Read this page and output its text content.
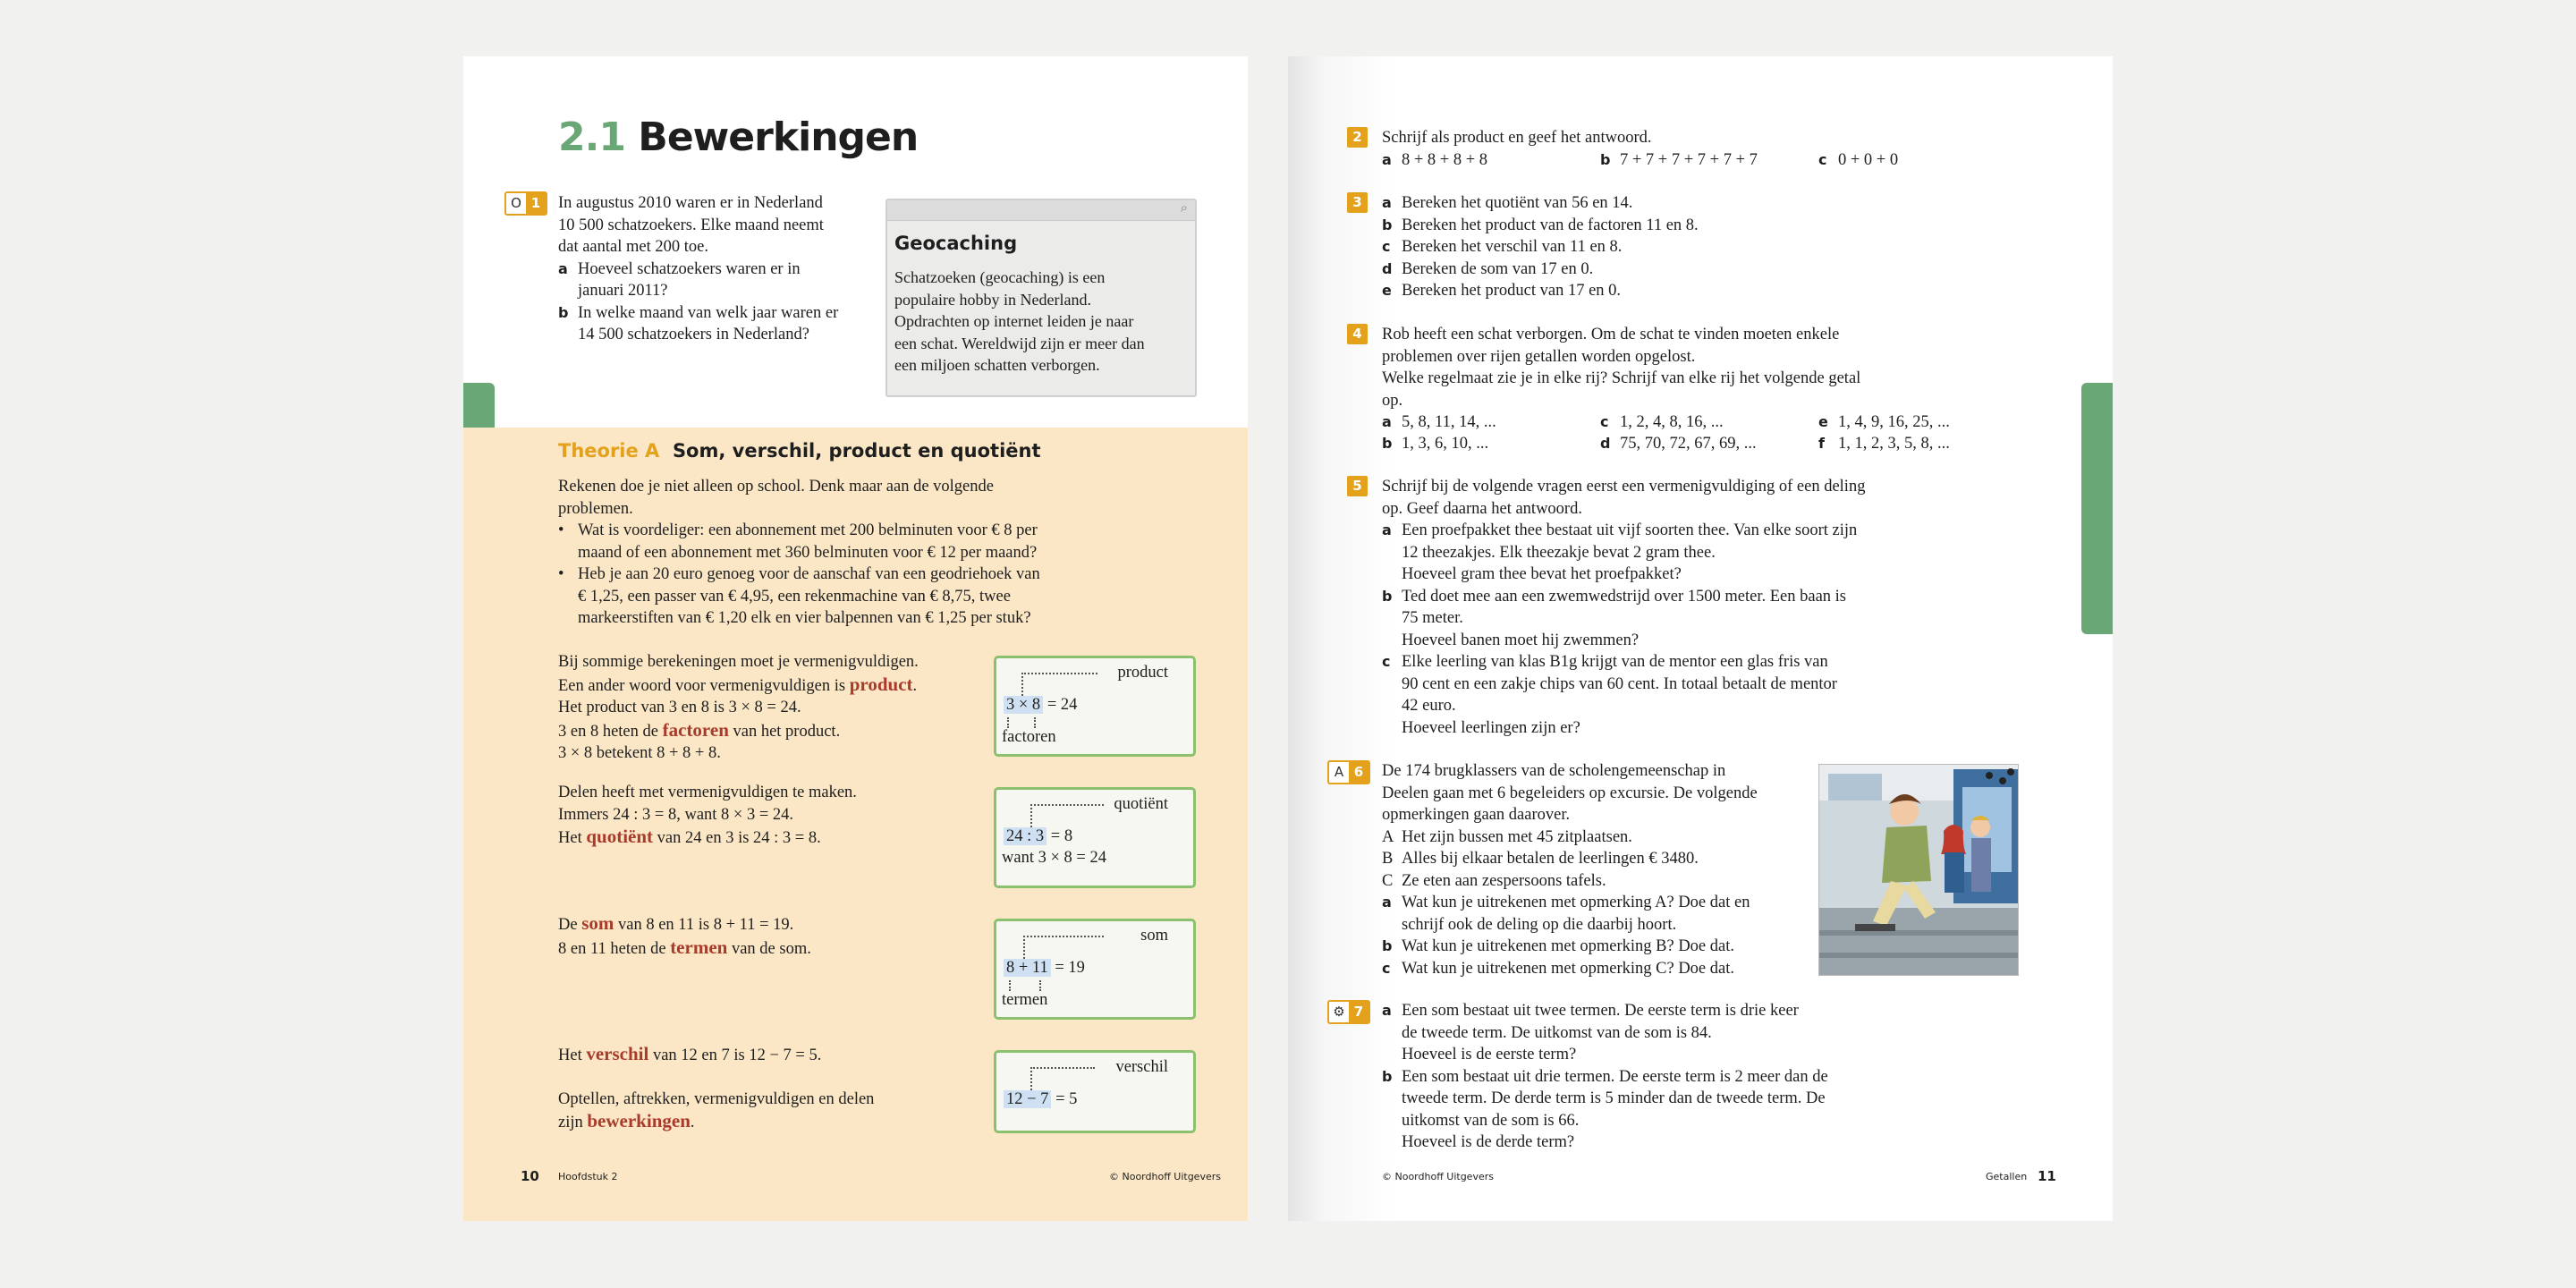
2.1 Bewerkingen
O 1	In augustus 2010 waren er in Nederland
10 500 schatzoekers. Elke maand neemt
dat aantal met 200 toe.
a Hoeveel schatzoekers waren er in
januari 2011?
b In welke maand van welk jaar waren er
14 500 schatzoekers in Nederland?
⌕
Geocaching
Schatzoeken (geocaching) is een
populaire hobby in Nederland.
Opdrachten op internet leiden je naar
een schat. Wereldwijd zijn er meer dan
een miljoen schatten verborgen.
Theorie A Som, verschil, product en quotiënt
Rekenen doe je niet alleen op school. Denk maar aan de volgende
problemen.
• Wat is voordeliger: een abonnement met 200 belminuten voor € 8 per
maand of een abonnement met 360 belminuten voor € 12 per maand?
• Heb je aan 20 euro genoeg voor de aanschaf van een geodriehoek van
€ 1,25, een passer van € 4,95, een rekenmachine van € 8,75, twee
markeerstiften van € 1,20 elk en vier balpennen van € 1,25 per stuk?
Bij sommige berekeningen moet je vermenigvuldigen.
Een ander woord voor vermenigvuldigen is product.
Het product van 3 en 8 is 3 × 8 = 24.
3 en 8 heten de factoren van het product.
3 × 8 betekent 8 + 8 + 8.
Delen heeft met vermenigvuldigen te maken.
Immers 24 : 3 = 8, want 8 × 3 = 24.
Het quotiënt van 24 en 3 is 24 : 3 = 8.
De som van 8 en 11 is 8 + 11 = 19.
8 en 11 heten de termen van de som.
Het verschil van 12 en 7 is 12 − 7 = 5.
Optellen, aftrekken, vermenigvuldigen en delen
zijn bewerkingen.
product
3 × 8 = 24
factoren
quotiënt
24 : 3 = 8
want 3 × 8 = 24
som
8 + 11 = 19
termen
verschil
12 − 7 = 5
10 Hoofdstuk 2	© Noordhoff Uitgevers
2	Schrijf als product en geef het antwoord.
a 8 + 8 + 8 + 8	b 7 + 7 + 7 + 7 + 7 + 7	c 0 + 0 + 0
3	a Bereken het quotiënt van 56 en 14.
b Bereken het product van de factoren 11 en 8.
c Bereken het verschil van 11 en 8.
d Bereken de som van 17 en 0.
e Bereken het product van 17 en 0.
4	Rob heeft een schat verborgen. Om de schat te vinden moeten enkele
problemen over rijen getallen worden opgelost.
Welke regelmaat zie je in elke rij? Schrijf van elke rij het volgende getal
op.
a 5, 8, 11, 14, ...	c 1, 2, 4, 8, 16, ...	e 1, 4, 9, 16, 25, ...
b 1, 3, 6, 10, ...	d 75, 70, 72, 67, 69, ...	f 1, 1, 2, 3, 5, 8, ...
5	Schrijf bij de volgende vragen eerst een vermenigvuldiging of een deling
op. Geef daarna het antwoord.
a Een proefpakket thee bestaat uit vijf soorten thee. Van elke soort zijn
12 theezakjes. Elk theezakje bevat 2 gram thee.
Hoeveel gram thee bevat het proefpakket?
b Ted doet mee aan een zwemwedstrijd over 1500 meter. Een baan is
75 meter.
Hoeveel banen moet hij zwemmen?
c Elke leerling van klas B1g krijgt van de mentor een glas fris van
90 cent en een zakje chips van 60 cent. In totaal betaalt de mentor
42 euro.
Hoeveel leerlingen zijn er?
A 6	De 174 brugklassers van de scholengemeenschap in
Deelen gaan met 6 begeleiders op excursie. De volgende
opmerkingen gaan daarover.
A Het zijn bussen met 45 zitplaatsen.
B Alles bij elkaar betalen de leerlingen € 3480.
C Ze eten aan zespersoons tafels.
a Wat kun je uitrekenen met opmerking A? Doe dat en
schrijf ook de deling op die daarbij hoort.
b Wat kun je uitrekenen met opmerking B? Doe dat.
c Wat kun je uitrekenen met opmerking C? Doe dat.
⚙ 7	a Een som bestaat uit twee termen. De eerste term is drie keer
de tweede term. De uitkomst van de som is 84.
Hoeveel is de eerste term?
b Een som bestaat uit drie termen. De eerste term is 2 meer dan de
tweede term. De derde term is 5 minder dan de tweede term. De
uitkomst van de som is 66.
Hoeveel is de derde term?
© Noordhoff Uitgevers	Getallen 11
